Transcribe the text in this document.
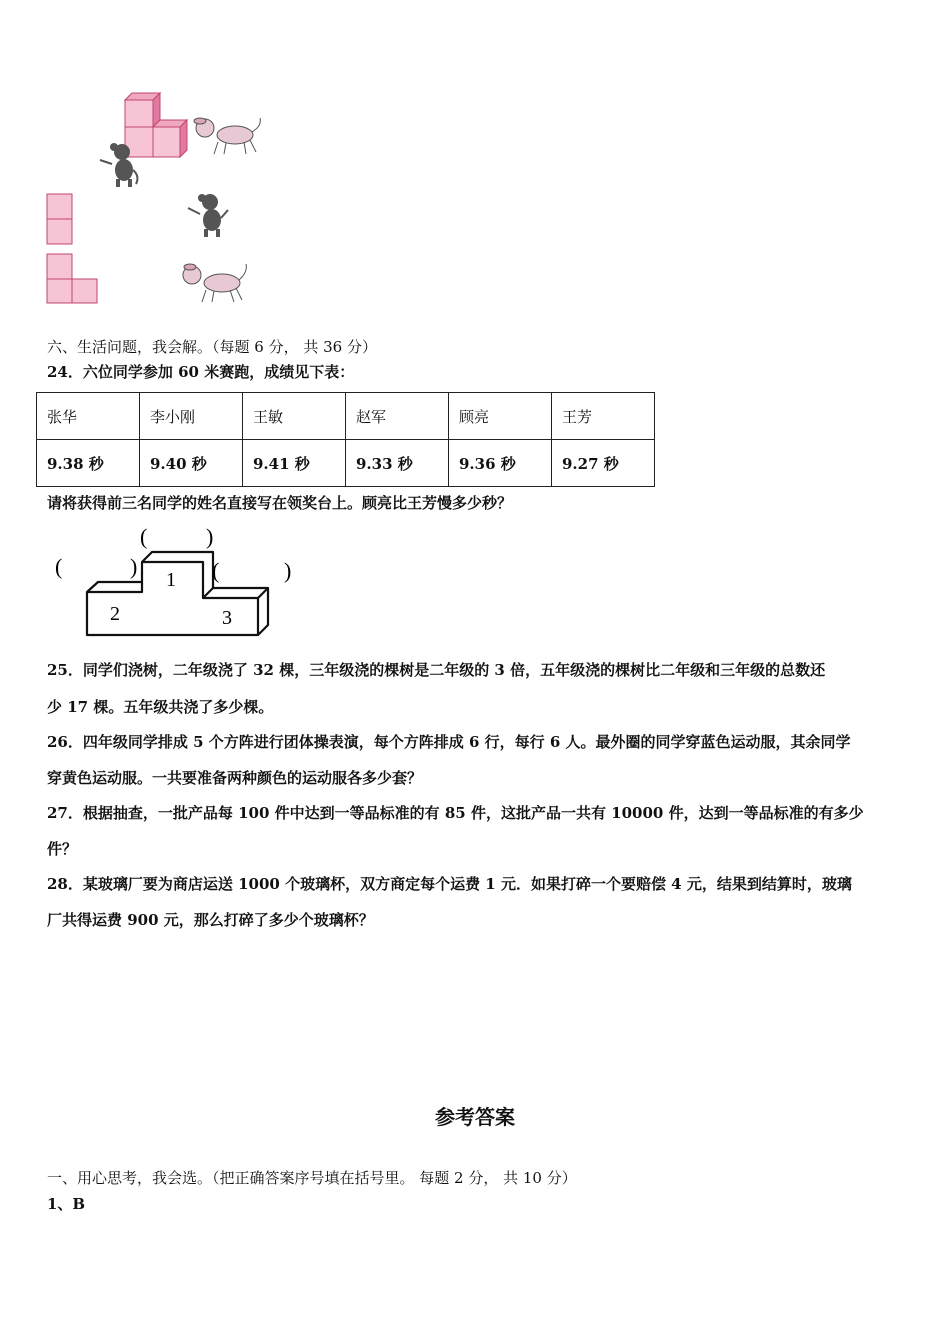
六、生活问题，我会解。（每题 6 分， 共 36 分）
24．六位同学参加 60 米赛跑，成绩见下表：
张华	李小刚	王敏	赵军	顾亮	王芳
9.38 秒	9.40 秒	9.41 秒	9.33 秒	9.36 秒	9.27 秒
请将获得前三名同学的姓名直接写在领奖台上。顾亮比王芳慢多少秒？
1
2	3
(	)
(	)	(	)
25．同学们浇树，二年级浇了 32 棵，三年级浇的棵树是二年级的 3 倍，五年级浇的棵树比二年级和三年级的总数还
少 17 棵。五年级共浇了多少棵。
26．四年级同学排成 5 个方阵进行团体操表演，每个方阵排成 6 行，每行 6 人。最外圈的同学穿蓝色运动服，其余同学
穿黄色运动服。一共要准备两种颜色的运动服各多少套？
27．根据抽查，一批产品每 100 件中达到一等品标准的有 85 件，这批产品一共有 10000 件，达到一等品标准的有多少
件？
28．某玻璃厂要为商店运送 1000 个玻璃杯，双方商定每个运费 1 元．如果打碎一个要赔偿 4 元，结果到结算时，玻璃
厂共得运费 900 元，那么打碎了多少个玻璃杯？
参考答案
一、用心思考，我会选。（把正确答案序号填在括号里。 每题 2 分， 共 10 分）
1、B
